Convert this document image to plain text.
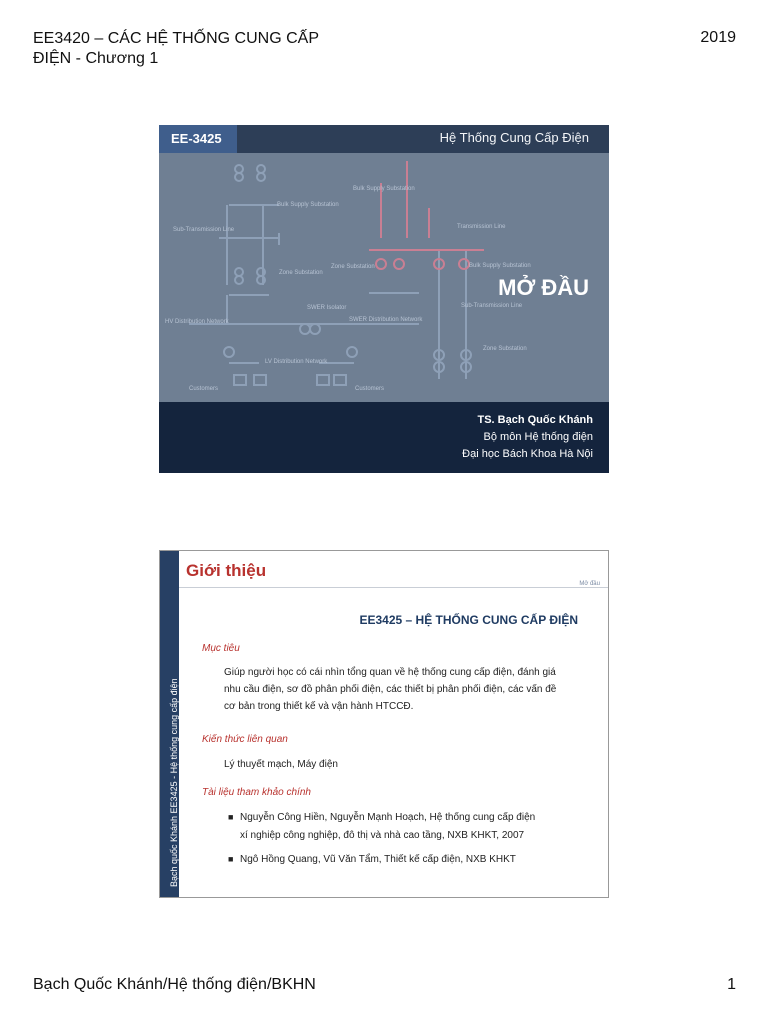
EE3420 – CÁC HỆ THỐNG CUNG CẤP
ĐIỆN - Chương 1
2019
EE-3425	Hệ Thống Cung Cấp Điện
Bulk Supply Substation
Sub-Transmission Line
Zone Substation
HV Distribution Network
SWER Isolator
SWER Distribution Network
LV Distribution Network
Customers	Customers
Bulk Supply Substation
Transmission Line
Zone Substation	Bulk Supply Substation
Sub-Transmission Line
Zone Substation
MỞ ĐẦU
TS. Bạch Quốc Khánh
Bộ môn Hệ thống điện
Đại học Bách Khoa Hà Nội
Bạch quốc Khánh EE3425 - Hệ thống cung cấp điện
Giới thiệu
Mở đầu
EE3425 – HỆ THỐNG CUNG CẤP ĐIỆN
Mục tiêu
Giúp người học có cái nhìn tổng quan về hệ thống cung cấp điện, đánh giá nhu cầu điện, sơ đồ phân phối điện, các thiết bị phân phối điện, các vấn đề cơ bản trong thiết kế và vận hành HTCCĐ.
Kiến thức liên quan
Lý thuyết mạch, Máy điện
Tài liệu tham khảo chính
■ Nguyễn Công Hiền, Nguyễn Mạnh Hoạch, Hệ thống cung cấp điện
xí nghiệp công nghiệp, đô thị và nhà cao tầng, NXB KHKT, 2007
■ Ngô Hồng Quang, Vũ Văn Tẩm, Thiết kế cấp điện, NXB KHKT
Bạch Quốc Khánh/Hệ thống điện/BKHN	1
